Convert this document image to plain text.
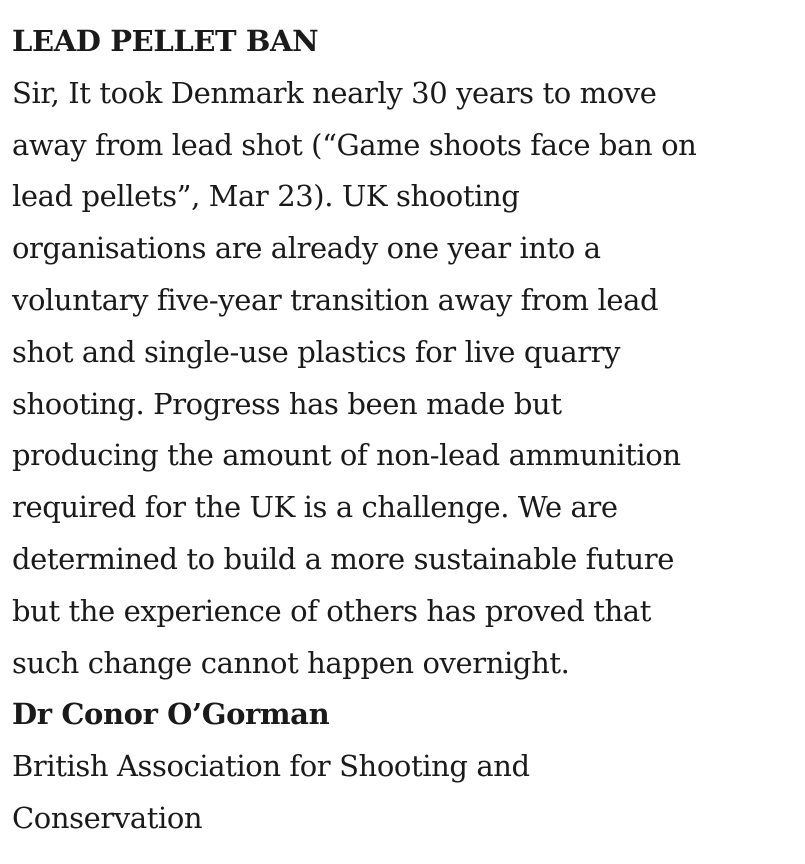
LEAD PELLET BAN
Sir, It took Denmark nearly 30 years to move
away from lead shot (“Game shoots face ban on
lead pellets”, Mar 23). UK shooting
organisations are already one year into a
voluntary five-year transition away from lead
shot and single-use plastics for live quarry
shooting. Progress has been made but
producing the amount of non-lead ammunition
required for the UK is a challenge. We are
determined to build a more sustainable future
but the experience of others has proved that
such change cannot happen overnight.
Dr Conor O’Gorman
British Association for Shooting and
Conservation
